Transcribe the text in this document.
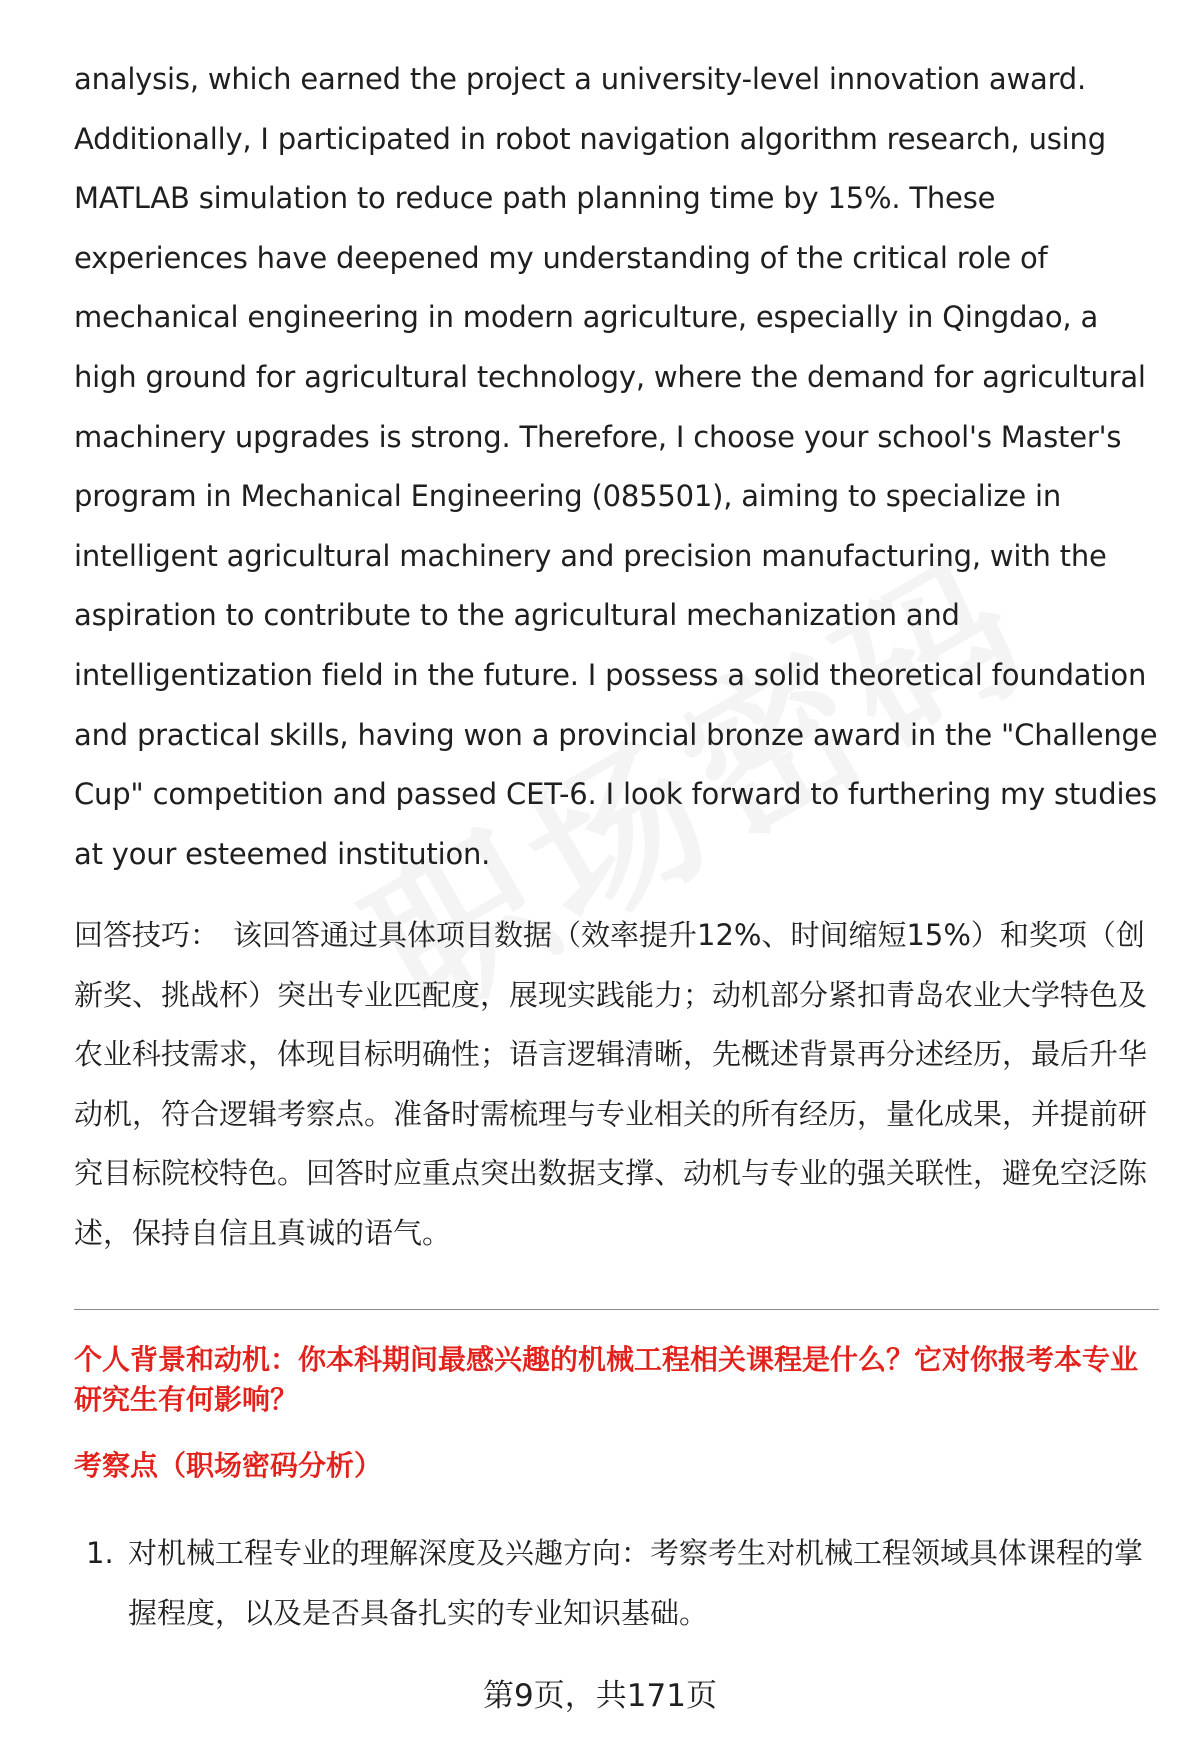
analysis, which earned the project a university-level innovation award. Additionally, I participated in robot navigation algorithm research, using MATLAB simulation to reduce path planning time by 15%. These experiences have deepened my understanding of the critical role of mechanical engineering in modern agriculture, especially in Qingdao, a high ground for agricultural technology, where the demand for agricultural machinery upgrades is strong. Therefore, I choose your school's Master's program in Mechanical Engineering (085501), aiming to specialize in intelligent agricultural machinery and precision manufacturing, with the aspiration to contribute to the agricultural mechanization and intelligentization field in the future. I possess a solid theoretical foundation and practical skills, having won a provincial bronze award in the "Challenge Cup" competition and passed CET-6. I look forward to furthering my studies at your esteemed institution.

回答技巧： 该回答通过具体项目数据（效率提升12%、时间缩短15%）和奖项（创新奖、挑战杯）突出专业匹配度，展现实践能力；动机部分紧扣青岛农业大学特色及农业科技需求，体现目标明确性；语言逻辑清晰，先概述背景再分述经历，最后升华动机，符合逻辑考察点。准备时需梳理与专业相关的所有经历，量化成果，并提前研究目标院校特色。回答时应重点突出数据支撑、动机与专业的强关联性，避免空泛陈述，保持自信且真诚的语气。

个人背景和动机：你本科期间最感兴趣的机械工程相关课程是什么？它对你报考本专业研究生有何影响？
考察点（职场密码分析）
1. 对机械工程专业的理解深度及兴趣方向：考察考生对机械工程领域具体课程的掌握程度，以及是否具备扎实的专业知识基础。
第9页，共171页
